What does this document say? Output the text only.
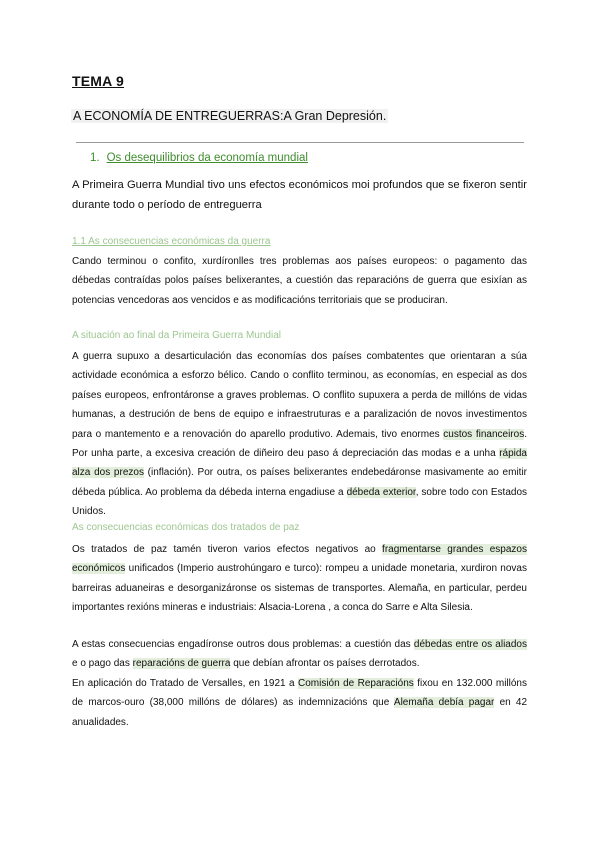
TEMA 9
A ECONOMÍA DE ENTREGUERRAS:A Gran Depresión.
1. Os desequilibrios da economía mundial
A Primeira Guerra Mundial tivo uns efectos económicos moi profundos que se fixeron sentir durante todo o período de entreguerra
1.1 As consecuencias económicas da guerra
Cando terminou o confito, xurdíronlles tres problemas aos países europeos: o pagamento das débedas contraídas polos países belixerantes, a cuestión das reparacións de guerra que esixían as potencias vencedoras aos vencidos e as modificacións territoriais que se produciran.
A situación ao final da Primeira Guerra Mundial
A guerra supuxo a desarticulación das economías dos países combatentes que orientaran a súa actividade económica a esforzo bélico. Cando o conflito terminou, as economías, en especial as dos países europeos, enfrontáronse a graves problemas. O conflito supuxera a perda de millóns de vidas humanas, a destrución de bens de equipo e infraestruturas e a paralización de novos investimentos para o mantemento e a renovación do aparello produtivo. Ademais, tivo enormes custos financeiros. Por unha parte, a excesiva creación de diñeiro deu paso á depreciación das modas e a unha rápida alza dos prezos (inflación). Por outra, os países belixerantes endebedáronse masivamente ao emitir débeda pública. Ao problema da débeda interna engadiuse a débeda exterior, sobre todo con Estados Unidos.
As consecuencias económicas dos tratados de paz
Os tratados de paz tamén tiveron varios efectos negativos ao fragmentarse grandes espazos económicos unificados (Imperio austrohúngaro e turco): rompeu a unidade monetaria, xurdiron novas barreiras aduaneiras e desorganizáronse os sistemas de transportes. Alemaña, en particular, perdeu importantes rexións mineras e industriais: Alsacia-Lorena , a conca do Sarre e Alta Silesia.
A estas consecuencias engadíronse outros dous problemas: a cuestión das débedas entre os aliados e o pago das reparacións de guerra que debían afrontar os países derrotados.
En aplicación do Tratado de Versalles, en 1921 a Comisión de Reparacións fixou en 132.000 millóns de marcos-ouro (38,000 millóns de dólares) as indemnizacións que Alemaña debía pagar en 42 anualidades.
